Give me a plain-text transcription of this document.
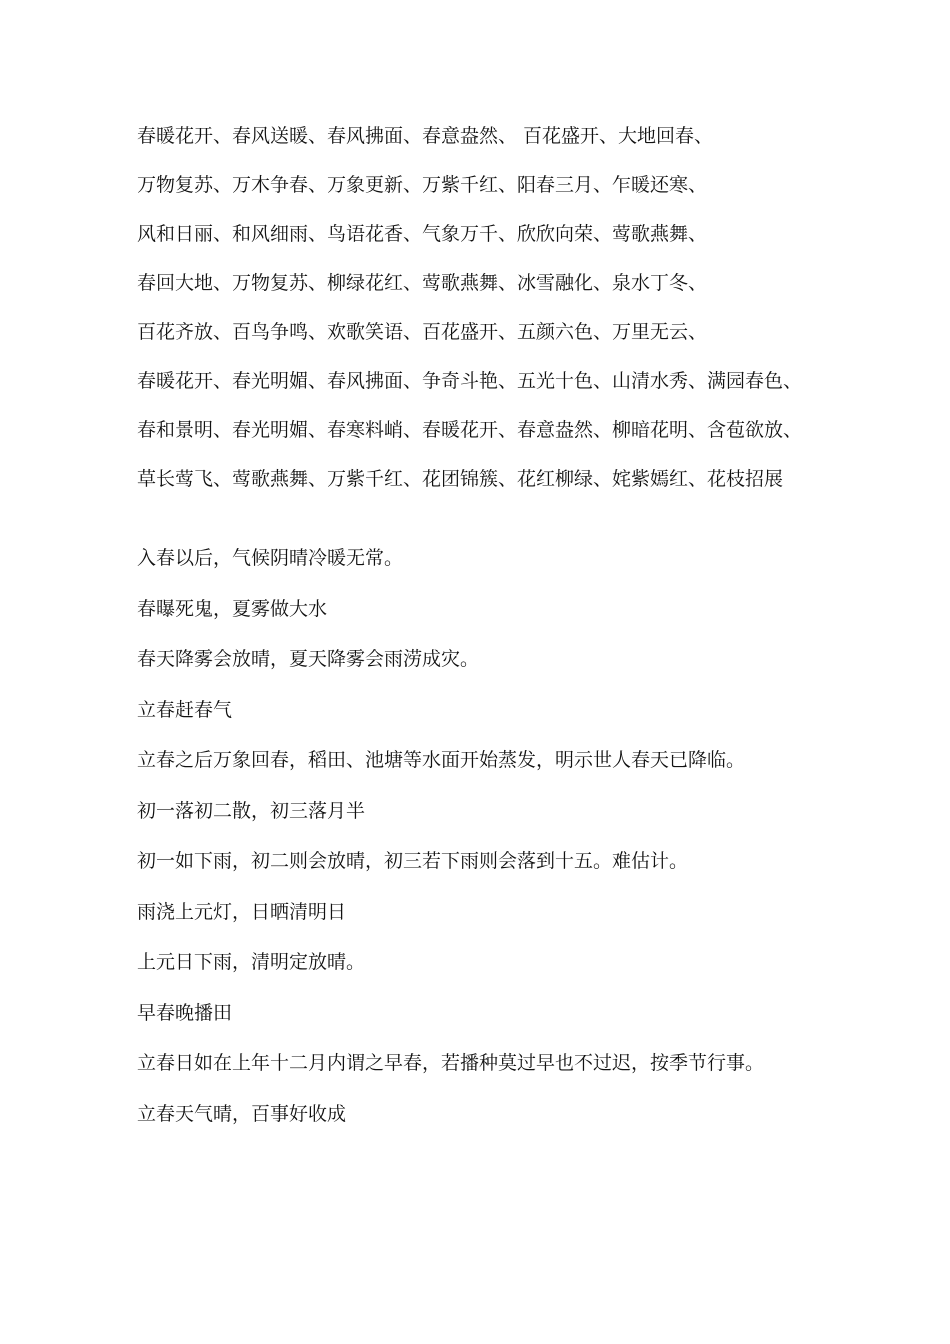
春暖花开、春风送暖、春风拂面、春意盎然、 百花盛开、大地回春、
万物复苏、万木争春、万象更新、万紫千红、阳春三月、乍暖还寒、
风和日丽、和风细雨、鸟语花香、气象万千、欣欣向荣、莺歌燕舞、
春回大地、万物复苏、柳绿花红、莺歌燕舞、冰雪融化、泉水丁冬、
百花齐放、百鸟争鸣、欢歌笑语、百花盛开、五颜六色、万里无云、
春暖花开、春光明媚、春风拂面、争奇斗艳、五光十色、山清水秀、满园春色、
春和景明、春光明媚、春寒料峭、春暖花开、春意盎然、柳暗花明、含苞欲放、
草长莺飞、莺歌燕舞、万紫千红、花团锦簇、花红柳绿、姹紫嫣红、花枝招展
入春以后，气候阴晴冷暖无常。
春曝死鬼，夏雾做大水
春天降雾会放晴，夏天降雾会雨涝成灾。
立春赶春气
立春之后万象回春，稻田、池塘等水面开始蒸发，明示世人春天已降临。
初一落初二散，初三落月半
初一如下雨，初二则会放晴，初三若下雨则会落到十五。难估计。
雨浇上元灯，日晒清明日
上元日下雨，清明定放晴。
早春晚播田
立春日如在上年十二月内谓之早春，若播种莫过早也不过迟，按季节行事。
立春天气晴，百事好收成
